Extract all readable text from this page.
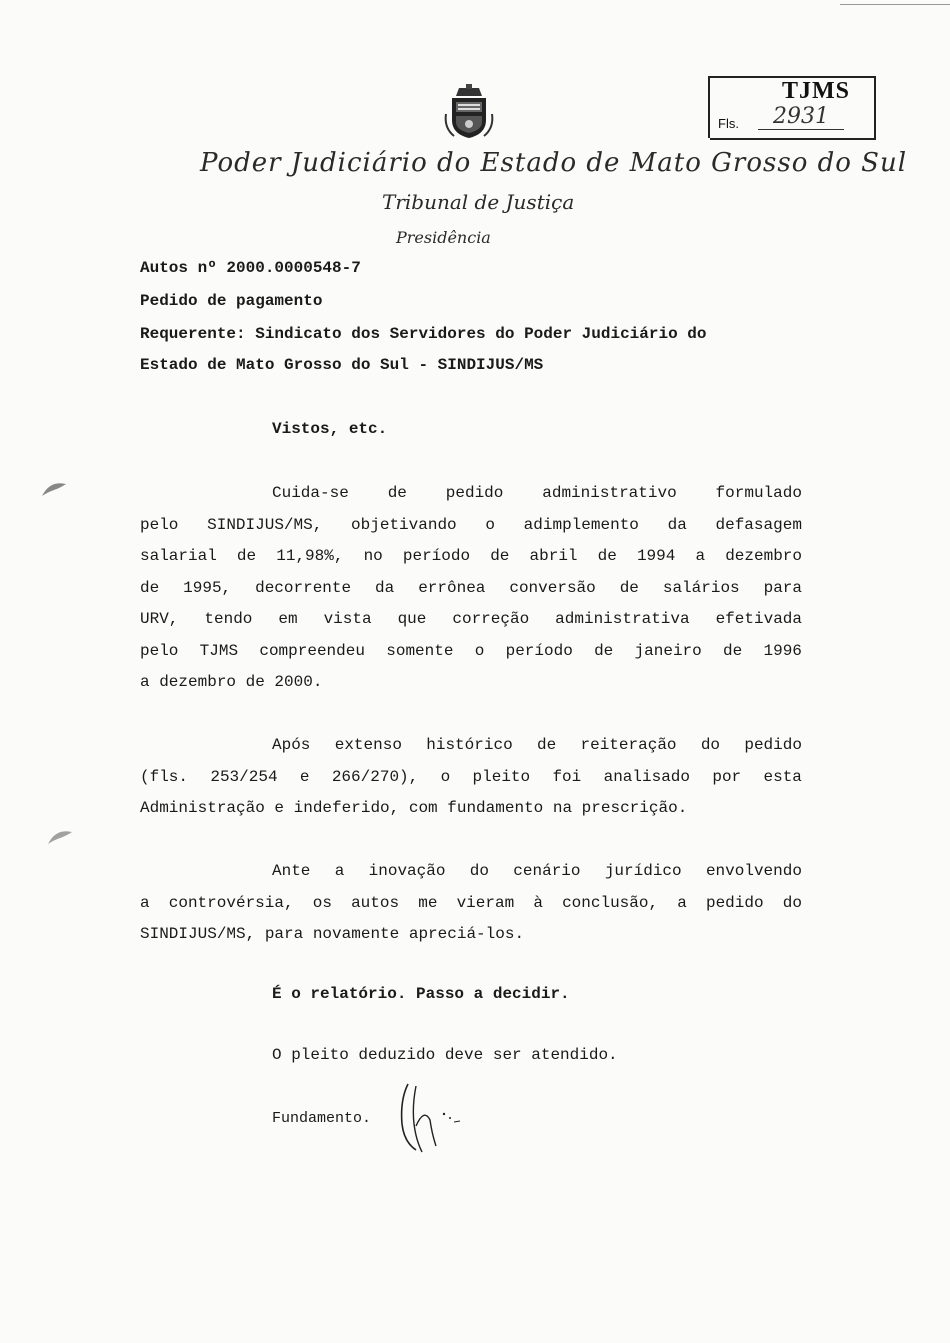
Poder Judiciário do Estado de Mato Grosso do Sul
Tribunal de Justiça
Presidência
TJMS
Fls.	2931
Autos nº 2000.0000548-7
Pedido de pagamento
Requerente: Sindicato dos Servidores do Poder Judiciário do
Estado de Mato Grosso do Sul - SINDIJUS/MS
Vistos, etc.
Cuida-se de pedido administrativo formulado
pelo SINDIJUS/MS, objetivando o adimplemento da defasagem
salarial de 11,98%, no período de abril de 1994 a dezembro
de 1995, decorrente da errônea conversão de salários para
URV, tendo em vista que correção administrativa efetivada
pelo TJMS compreendeu somente o período de janeiro de 1996
a dezembro de 2000.
Após extenso histórico de reiteração do pedido
(fls. 253/254 e 266/270), o pleito foi analisado por esta
Administração e indeferido, com fundamento na prescrição.
Ante a inovação do cenário jurídico envolvendo
a controvérsia, os autos me vieram à conclusão, a pedido do
SINDIJUS/MS, para novamente apreciá-los.
É o relatório. Passo a decidir.
O pleito deduzido deve ser atendido.
Fundamento.
